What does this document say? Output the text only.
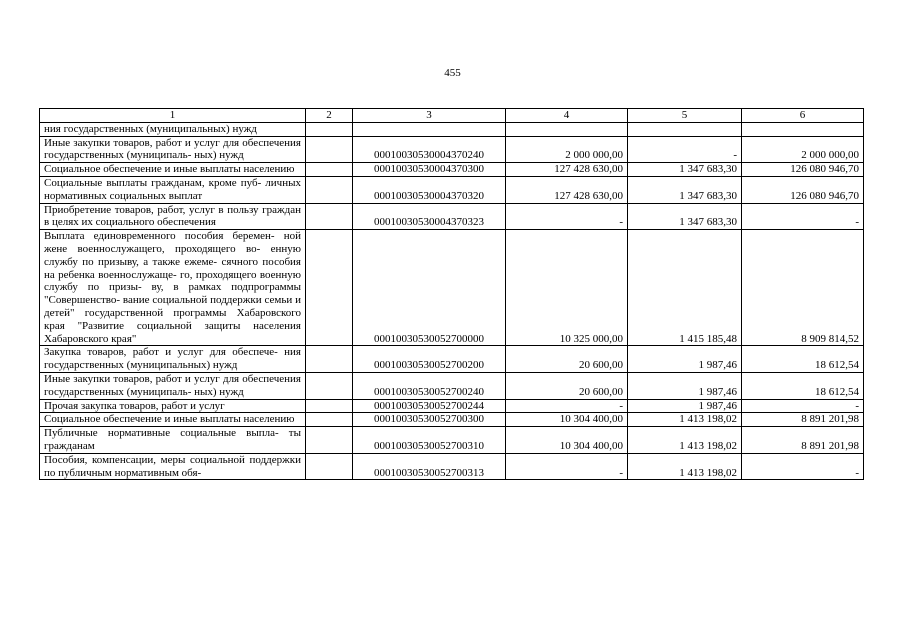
455
1	2	3	4	5	6
ния государственных (муниципальных) нужд					
Иные закупки товаров, работ и услуг для обеспечения государственных (муниципаль- ных) нужд		00010030530004370240	2 000 000,00	-	2 000 000,00
Социальное обеспечение и иные выплаты населению		00010030530004370300	127 428 630,00	1 347 683,30	126 080 946,70
Социальные выплаты гражданам, кроме пуб- личных нормативных социальных выплат		00010030530004370320	127 428 630,00	1 347 683,30	126 080 946,70
Приобретение товаров, работ, услуг в пользу граждан в целях их социального обеспечения		00010030530004370323	-	1 347 683,30	-
Выплата единовременного пособия беремен- ной жене военнослужащего, проходящего во- енную службу по призыву, а также ежеме- сячного пособия на ребенка военнослужаще- го, проходящего военную службу по призы- ву, в рамках подпрограммы "Совершенство- вание социальной поддержки семьи и детей" государственной программы Хабаровского края "Развитие социальной защиты населения Хабаровского края"		00010030530052700000	10 325 000,00	1 415 185,48	8 909 814,52
Закупка товаров, работ и услуг для обеспече- ния государственных (муниципальных) нужд		00010030530052700200	20 600,00	1 987,46	18 612,54
Иные закупки товаров, работ и услуг для обеспечения государственных (муниципаль- ных) нужд		00010030530052700240	20 600,00	1 987,46	18 612,54
Прочая закупка товаров, работ и услуг		00010030530052700244	-	1 987,46	-
Социальное обеспечение и иные выплаты населению		00010030530052700300	10 304 400,00	1 413 198,02	8 891 201,98
Публичные нормативные социальные выпла- ты гражданам		00010030530052700310	10 304 400,00	1 413 198,02	8 891 201,98
Пособия, компенсации, меры социальной поддержки по публичным нормативным обя-		00010030530052700313	-	1 413 198,02	-
